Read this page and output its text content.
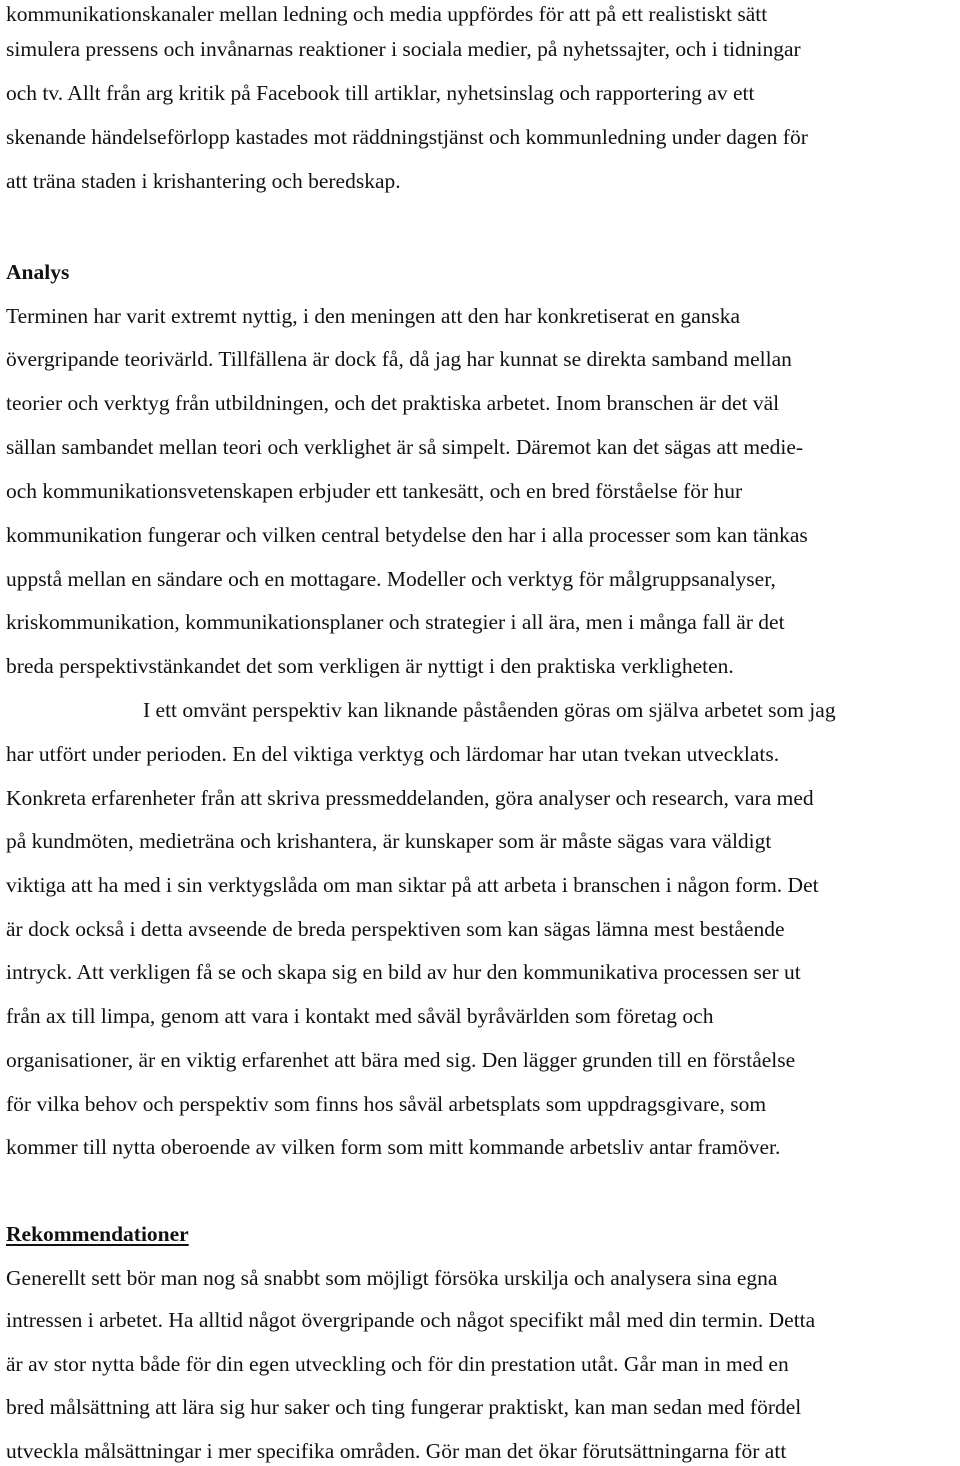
kommunikationskanaler mellan ledning och media uppfördes för att på ett realistiskt sätt
simulera pressens och invånarnas reaktioner i sociala medier, på nyhetssajter, och i tidningar
och tv. Allt från arg kritik på Facebook till artiklar, nyhetsinslag och rapportering av ett
skenande händelseförlopp kastades mot räddningstjänst och kommunledning under dagen för
att träna staden i krishantering och beredskap.
Analys
Terminen har varit extremt nyttig, i den meningen att den har konkretiserat en ganska
övergripande teorivärld. Tillfällena är dock få, då jag har kunnat se direkta samband mellan
teorier och verktyg från utbildningen, och det praktiska arbetet. Inom branschen är det väl
sällan sambandet mellan teori och verklighet är så simpelt. Däremot kan det sägas att medie-
och kommunikationsvetenskapen erbjuder ett tankesätt, och en bred förståelse för hur
kommunikation fungerar och vilken central betydelse den har i alla processer som kan tänkas
uppstå mellan en sändare och en mottagare. Modeller och verktyg för målgruppsanalyser,
kriskommunikation, kommunikationsplaner och strategier i all ära, men i många fall är det
breda perspektivstänkandet det som verkligen är nyttigt i den praktiska verkligheten.
I ett omvänt perspektiv kan liknande påståenden göras om själva arbetet som jag
har utfört under perioden. En del viktiga verktyg och lärdomar har utan tvekan utvecklats.
Konkreta erfarenheter från att skriva pressmeddelanden, göra analyser och research, vara med
på kundmöten, medieträna och krishantera, är kunskaper som är måste sägas vara väldigt
viktiga att ha med i sin verktygslåda om man siktar på att arbeta i branschen i någon form. Det
är dock också i detta avseende de breda perspektiven som kan sägas lämna mest bestående
intryck. Att verkligen få se och skapa sig en bild av hur den kommunikativa processen ser ut
från ax till limpa, genom att vara i kontakt med såväl byråvärlden som företag och
organisationer, är en viktig erfarenhet att bära med sig. Den lägger grunden till en förståelse
för vilka behov och perspektiv som finns hos såväl arbetsplats som uppdragsgivare, som
kommer till nytta oberoende av vilken form som mitt kommande arbetsliv antar framöver.
Rekommendationer
Generellt sett bör man nog så snabbt som möjligt försöka urskilja och analysera sina egna
intressen i arbetet. Ha alltid något övergripande och något specifikt mål med din termin. Detta
är av stor nytta både för din egen utveckling och för din prestation utåt. Går man in med en
bred målsättning att lära sig hur saker och ting fungerar praktiskt, kan man sedan med fördel
utveckla målsättningar i mer specifika områden. Gör man det ökar förutsättningarna för att
